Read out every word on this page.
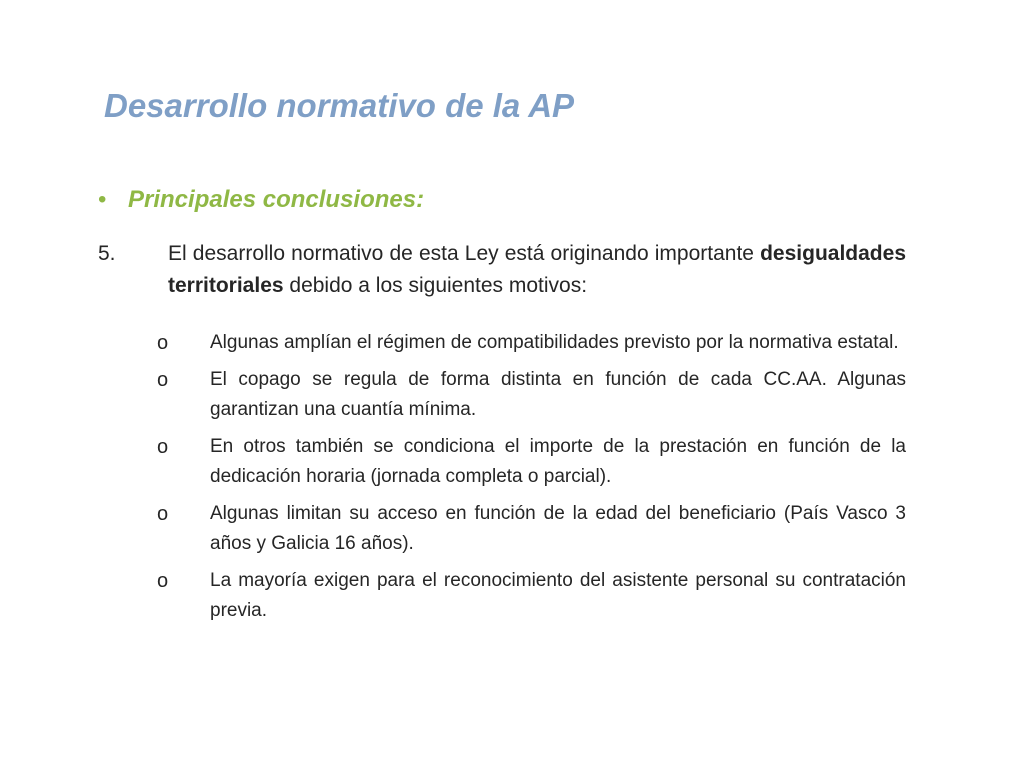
Desarrollo normativo de la AP
• Principales conclusiones:
5. El desarrollo normativo de esta Ley está originando importante desigualdades territoriales debido a los siguientes motivos:
o Algunas amplían el régimen de compatibilidades previsto por la normativa estatal.
o El copago se regula de forma distinta en función de cada CC.AA. Algunas garantizan una cuantía mínima.
o En otros también se condiciona el importe de la prestación en función de la dedicación horaria (jornada completa o parcial).
o Algunas limitan su acceso en función de la edad del beneficiario (País Vasco 3 años y Galicia 16 años).
o La mayoría exigen para el reconocimiento del asistente personal su contratación previa.
